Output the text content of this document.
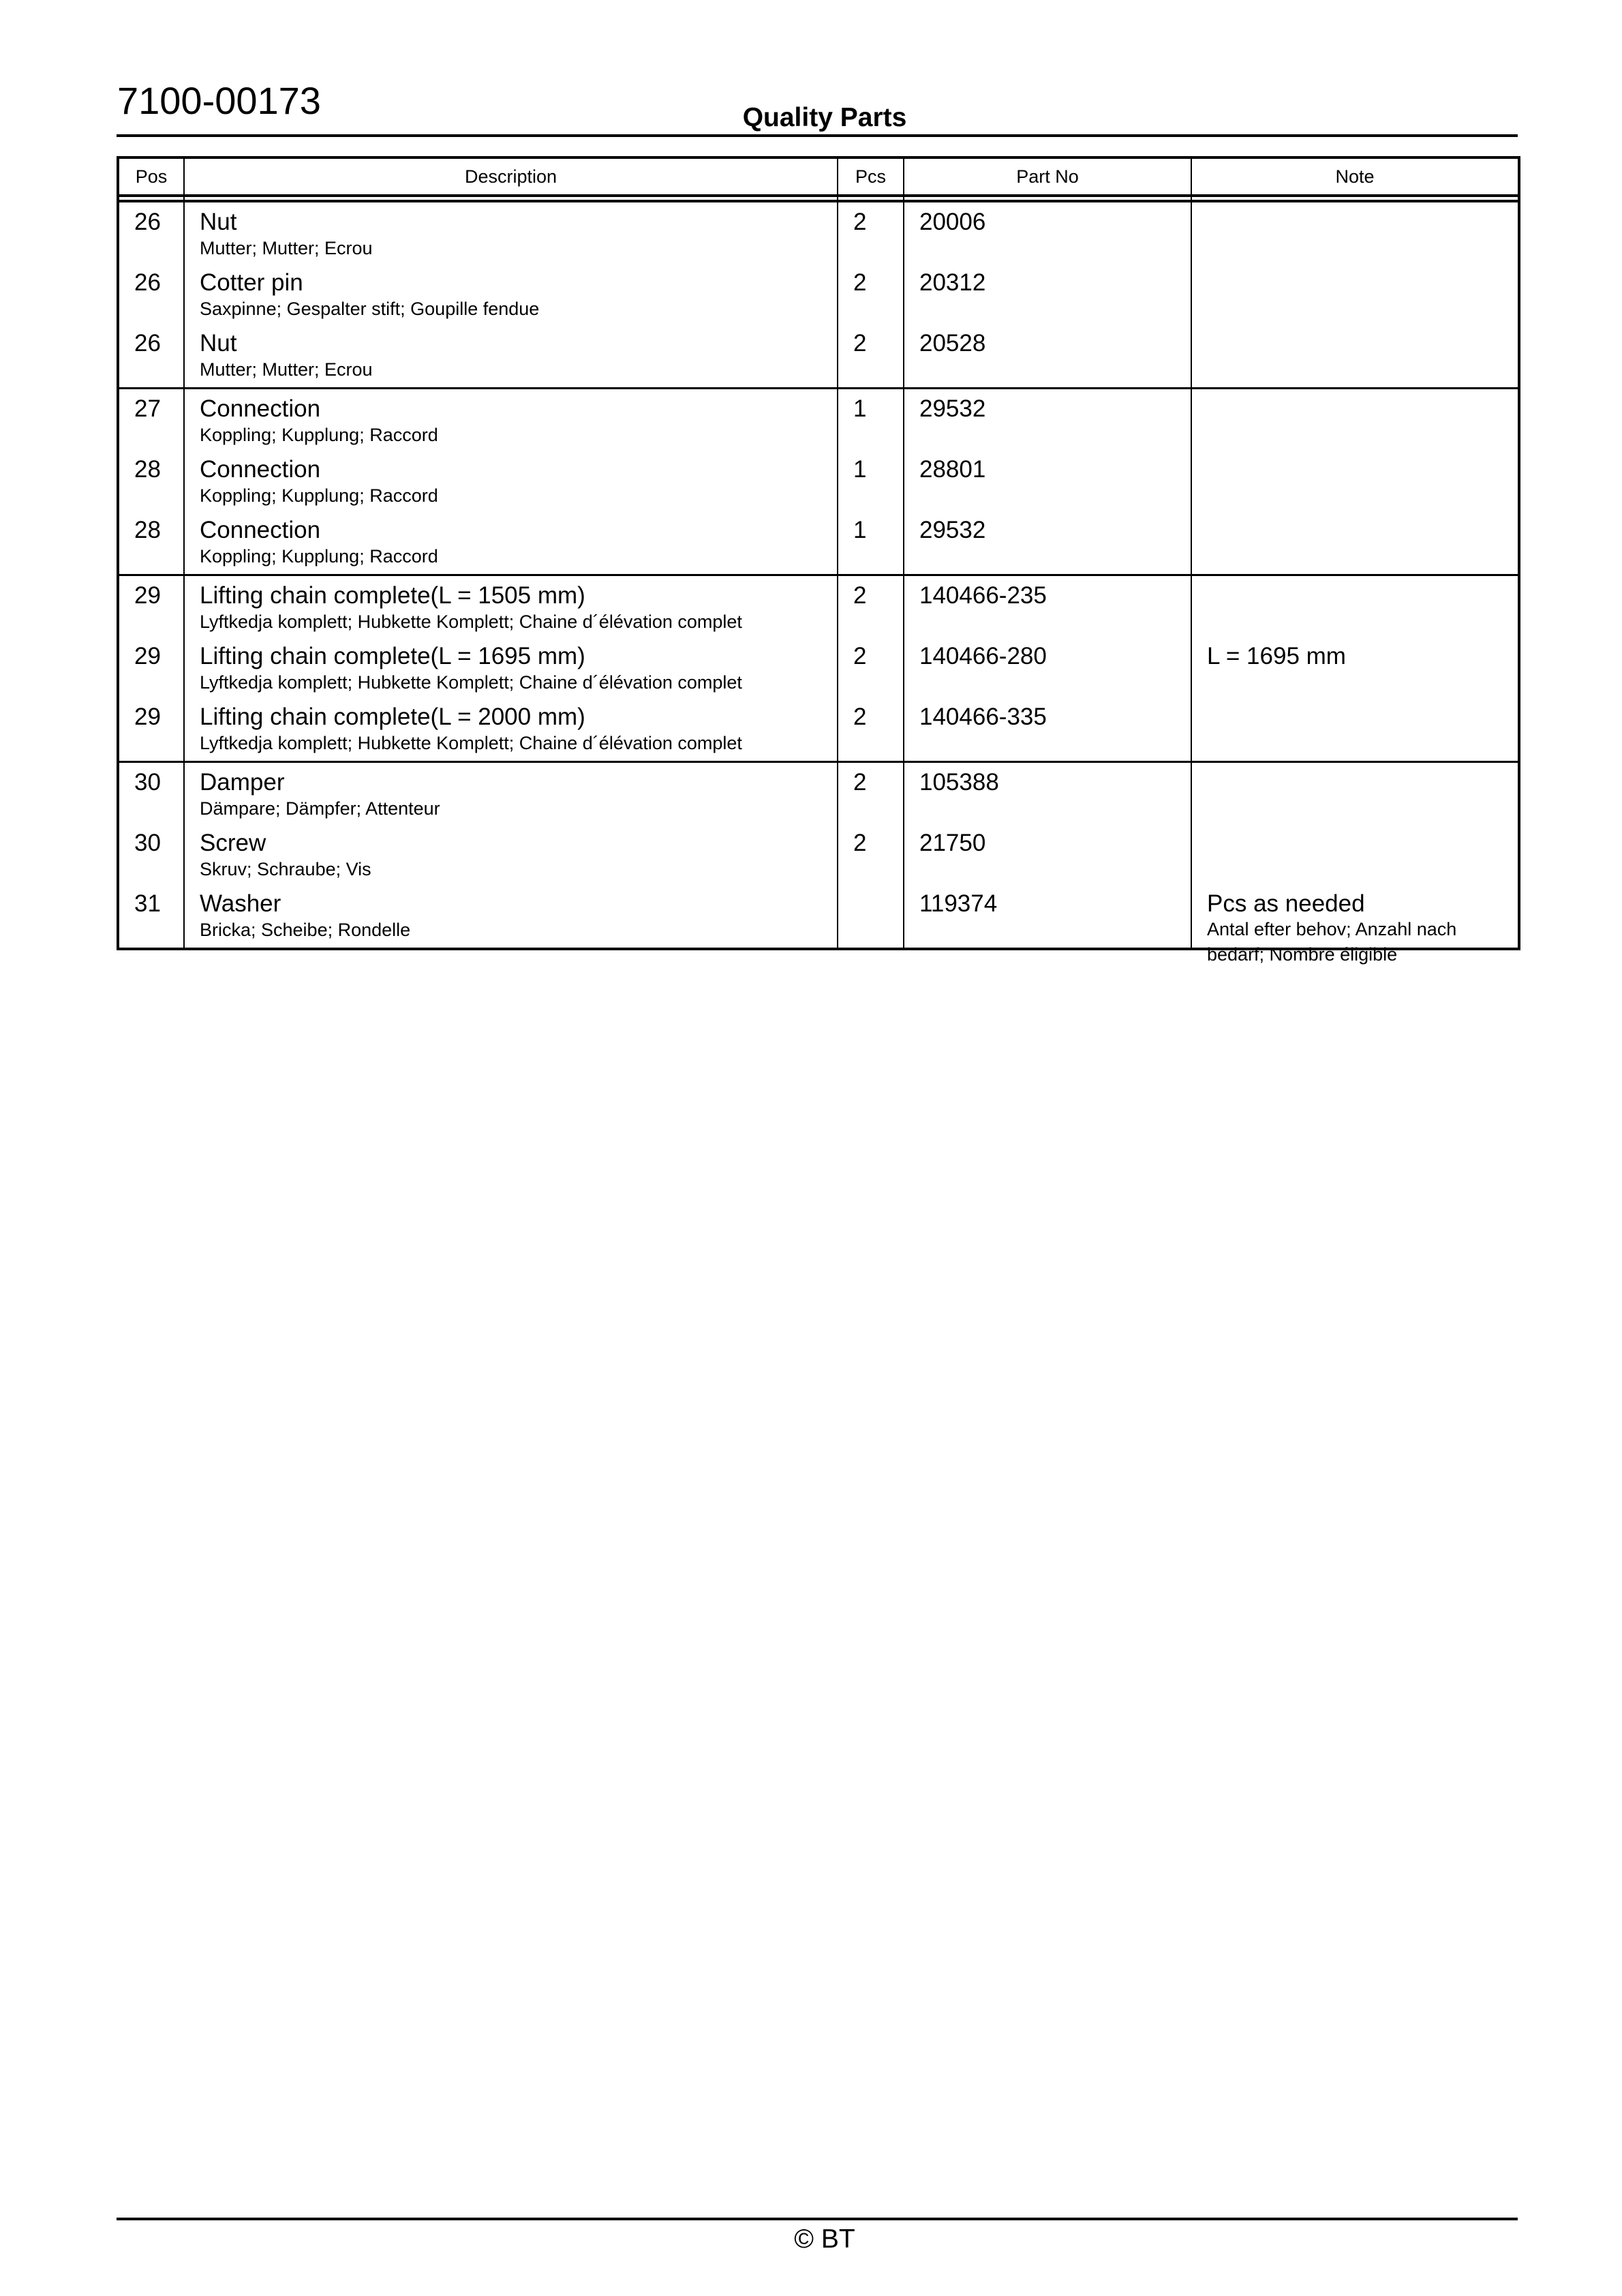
7100-00173	Quality Parts
Pos	Description	Pcs	Part No	Note

26	Nut
Mutter; Mutter; Ecrou	2	20006	

26	Cotter pin
Saxpinne; Gespalter stift; Goupille fendue	2	20312	

26	Nut
Mutter; Mutter; Ecrou	2	20528	

27	Connection
Koppling; Kupplung; Raccord	1	29532	

28	Connection
Koppling; Kupplung; Raccord	1	28801	

28	Connection
Koppling; Kupplung; Raccord	1	29532	

29	Lifting chain complete(L = 1505 mm)
Lyftkedja komplett; Hubkette Komplett; Chaine d´élévation complet	2	140466-235	

29	Lifting chain complete(L = 1695 mm)
Lyftkedja komplett; Hubkette Komplett; Chaine d´élévation complet	2	140466-280	L = 1695 mm

29	Lifting chain complete(L = 2000 mm)
Lyftkedja komplett; Hubkette Komplett; Chaine d´élévation complet	2	140466-335	

30	Damper
Dämpare; Dämpfer; Attenteur	2	105388	

30	Screw
Skruv; Schraube; Vis	2	21750	

31	Washer
Bricka; Scheibe; Rondelle		119374	Pcs as needed
Antal efter behov; Anzahl nach bedarf; Nombre éligible
© BT
